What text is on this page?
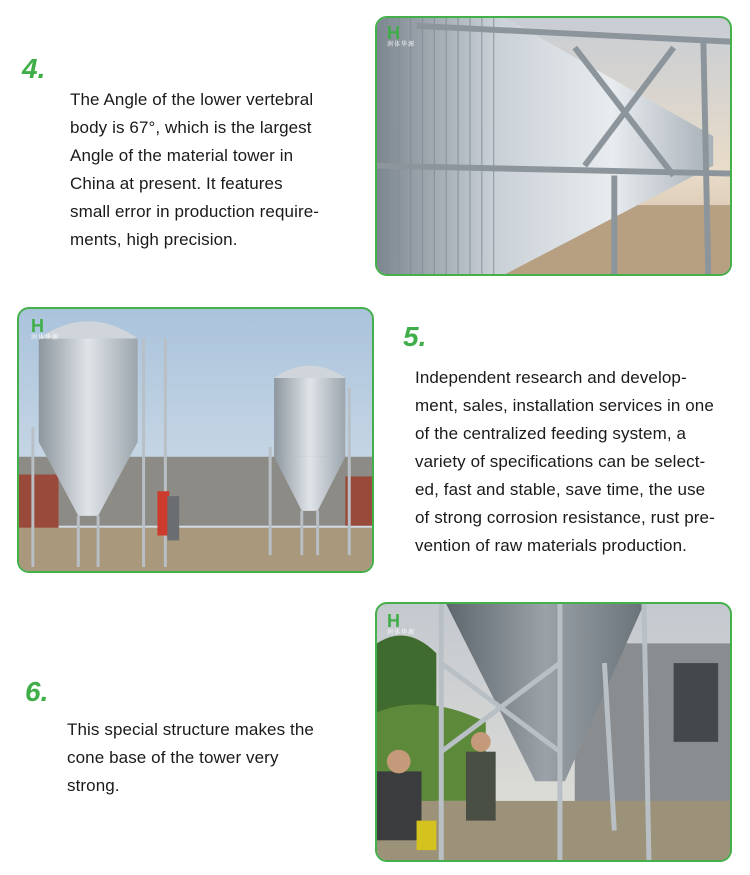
4.
The Angle of the lower vertebral
body is 67°, which is the largest
Angle of the material tower in
China at present. It features
small error in production require-
ments, high precision.
H
润体华源
H
润体华源	5.
Independent research and develop-
ment, sales, installation services in one
of the centralized feeding system, a
variety of specifications can be select-
ed, fast and stable, save time, the use
of strong corrosion resistance, rust pre-
vention of raw materials production.
6.
This special structure makes the
cone base of the tower very
strong.
H
润体华源
